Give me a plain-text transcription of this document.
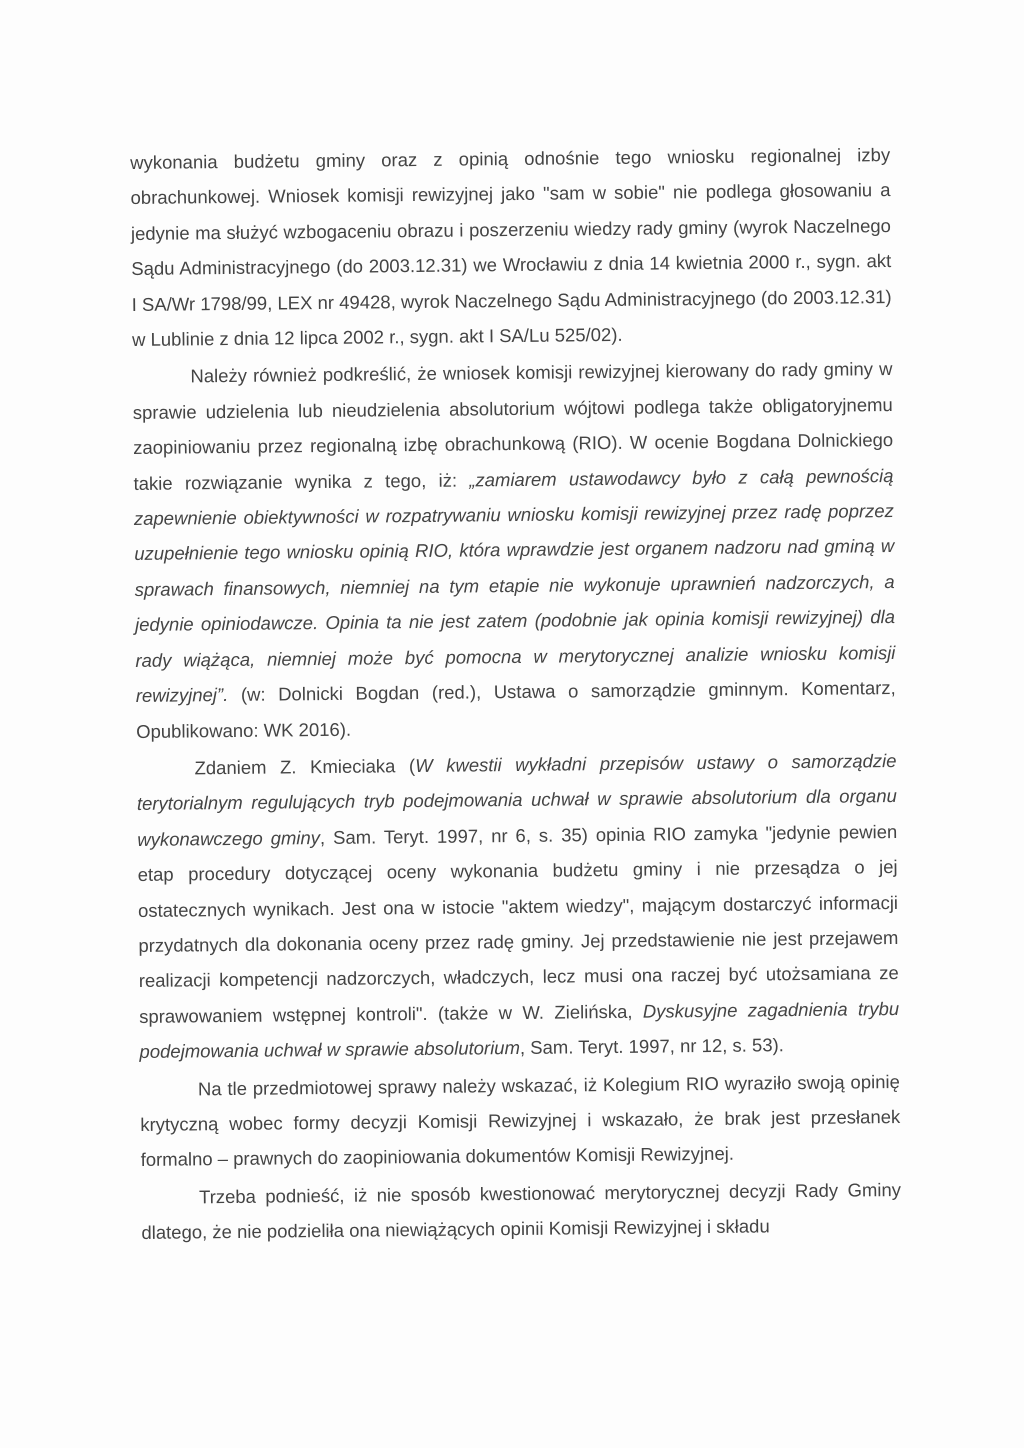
wykonania budżetu gminy oraz z opinią odnośnie tego wniosku regionalnej izby obrachunkowej. Wniosek komisji rewizyjnej jako "sam w sobie" nie podlega głosowaniu a jedynie ma służyć wzbogaceniu obrazu i poszerzeniu wiedzy rady gminy (wyrok Naczelnego Sądu Administracyjnego (do 2003.12.31) we Wrocławiu z dnia 14 kwietnia 2000 r., sygn. akt I SA/Wr 1798/99, LEX nr 49428, wyrok Naczelnego Sądu Administracyjnego (do 2003.12.31) w Lublinie z dnia 12 lipca 2002 r., sygn. akt I SA/Lu 525/02).

Należy również podkreślić, że wniosek komisji rewizyjnej kierowany do rady gminy w sprawie udzielenia lub nieudzielenia absolutorium wójtowi podlega także obligatoryjnemu zaopiniowaniu przez regionalną izbę obrachunkową (RIO). W ocenie Bogdana Dolnickiego takie rozwiązanie wynika z tego, iż: „zamiarem ustawodawcy było z całą pewnością zapewnienie obiektywności w rozpatrywaniu wniosku komisji rewizyjnej przez radę poprzez uzupełnienie tego wniosku opinią RIO, która wprawdzie jest organem nadzoru nad gminą w sprawach finansowych, niemniej na tym etapie nie wykonuje uprawnień nadzorczych, a jedynie opiniodawcze. Opinia ta nie jest zatem (podobnie jak opinia komisji rewizyjnej) dla rady wiążąca, niemniej może być pomocna w merytorycznej analizie wniosku komisji rewizyjnej”. (w: Dolnicki Bogdan (red.), Ustawa o samorządzie gminnym. Komentarz, Opublikowano: WK 2016).

Zdaniem Z. Kmieciaka (W kwestii wykładni przepisów ustawy o samorządzie terytorialnym regulujących tryb podejmowania uchwał w sprawie absolutorium dla organu wykonawczego gminy, Sam. Teryt. 1997, nr 6, s. 35) opinia RIO zamyka "jedynie pewien etap procedury dotyczącej oceny wykonania budżetu gminy i nie przesądza o jej ostatecznych wynikach. Jest ona w istocie "aktem wiedzy", mającym dostarczyć informacji przydatnych dla dokonania oceny przez radę gminy. Jej przedstawienie nie jest przejawem realizacji kompetencji nadzorczych, władczych, lecz musi ona raczej być utożsamiana ze sprawowaniem wstępnej kontroli". (także w W. Zielińska, Dyskusyjne zagadnienia trybu podejmowania uchwał w sprawie absolutorium, Sam. Teryt. 1997, nr 12, s. 53).

Na tle przedmiotowej sprawy należy wskazać, iż Kolegium RIO wyraziło swoją opinię krytyczną wobec formy decyzji Komisji Rewizyjnej i wskazało, że brak jest przesłanek formalno – prawnych do zaopiniowania dokumentów Komisji Rewizyjnej.

Trzeba podnieść, iż nie sposób kwestionować merytorycznej decyzji Rady Gminy dlatego, że nie podzieliła ona niewiążących opinii Komisji Rewizyjnej i składu
